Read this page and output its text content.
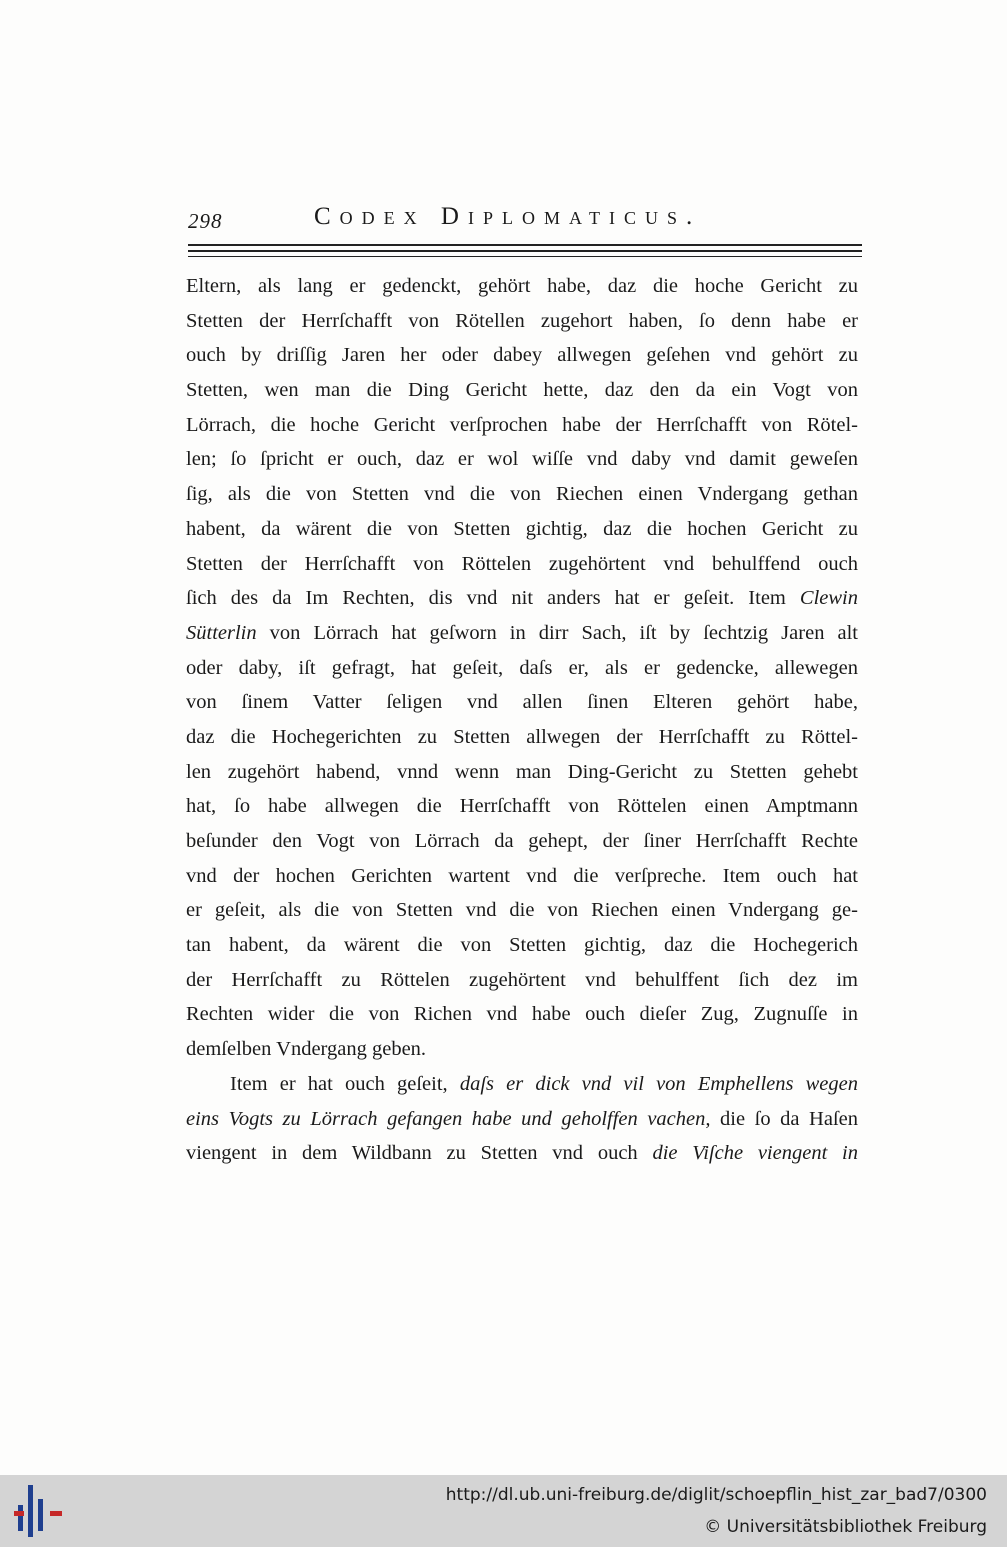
298	Codex Diplomaticus.
Eltern, als lang er gedenckt, gehört habe, daz die hoche Gericht zu
Stetten der Herrſchafft von Rötellen zugehort haben, ſo denn habe er
ouch by driſſig Jaren her oder dabey allwegen geſehen vnd gehört zu
Stetten, wen man die Ding Gericht hette, daz den da ein Vogt von
Lörrach, die hoche Gericht verſprochen habe der Herrſchafft von Rötel-
len; ſo ſpricht er ouch, daz er wol wiſſe vnd daby vnd damit geweſen
ſig, als die von Stetten vnd die von Riechen einen Vndergang gethan
habent, da wärent die von Stetten gichtig, daz die hochen Gericht zu
Stetten der Herrſchafft von Röttelen zugehörtent vnd behulffend ouch
ſich des da Im Rechten, dis vnd nit anders hat er geſeit. Item Clewin
Sütterlin von Lörrach hat geſworn in dirr Sach, iſt by ſechtzig Jaren alt
oder daby, iſt gefragt, hat geſeit, daſs er, als er gedencke, allewegen
von ſinem Vatter ſeligen vnd allen ſinen Elteren gehört habe,
daz die Hochegerichten zu Stetten allwegen der Herrſchafft zu Röttel-
len zugehört habend, vnnd wenn man Ding-Gericht zu Stetten gehebt
hat, ſo habe allwegen die Herrſchafft von Röttelen einen Amptmann
beſunder den Vogt von Lörrach da gehept, der ſiner Herrſchafft Rechte
vnd der hochen Gerichten wartent vnd die verſpreche. Item ouch hat
er geſeit, als die von Stetten vnd die von Riechen einen Vndergang ge-
tan habent, da wärent die von Stetten gichtig, daz die Hochegerich
der Herrſchafft zu Röttelen zugehörtent vnd behulffent ſich dez im
Rechten wider die von Richen vnd habe ouch dieſer Zug, Zugnuſſe in
demſelben Vndergang geben.
Item er hat ouch geſeit, daſs er dick vnd vil von Emphellens wegen
eins Vogts zu Lörrach gefangen habe und geholffen vachen, die ſo da Haſen
viengent in dem Wildbann zu Stetten vnd ouch die Viſche viengent in
http://dl.ub.uni-freiburg.de/diglit/schoepflin_hist_zar_bad7/0300
© Universitätsbibliothek Freiburg
